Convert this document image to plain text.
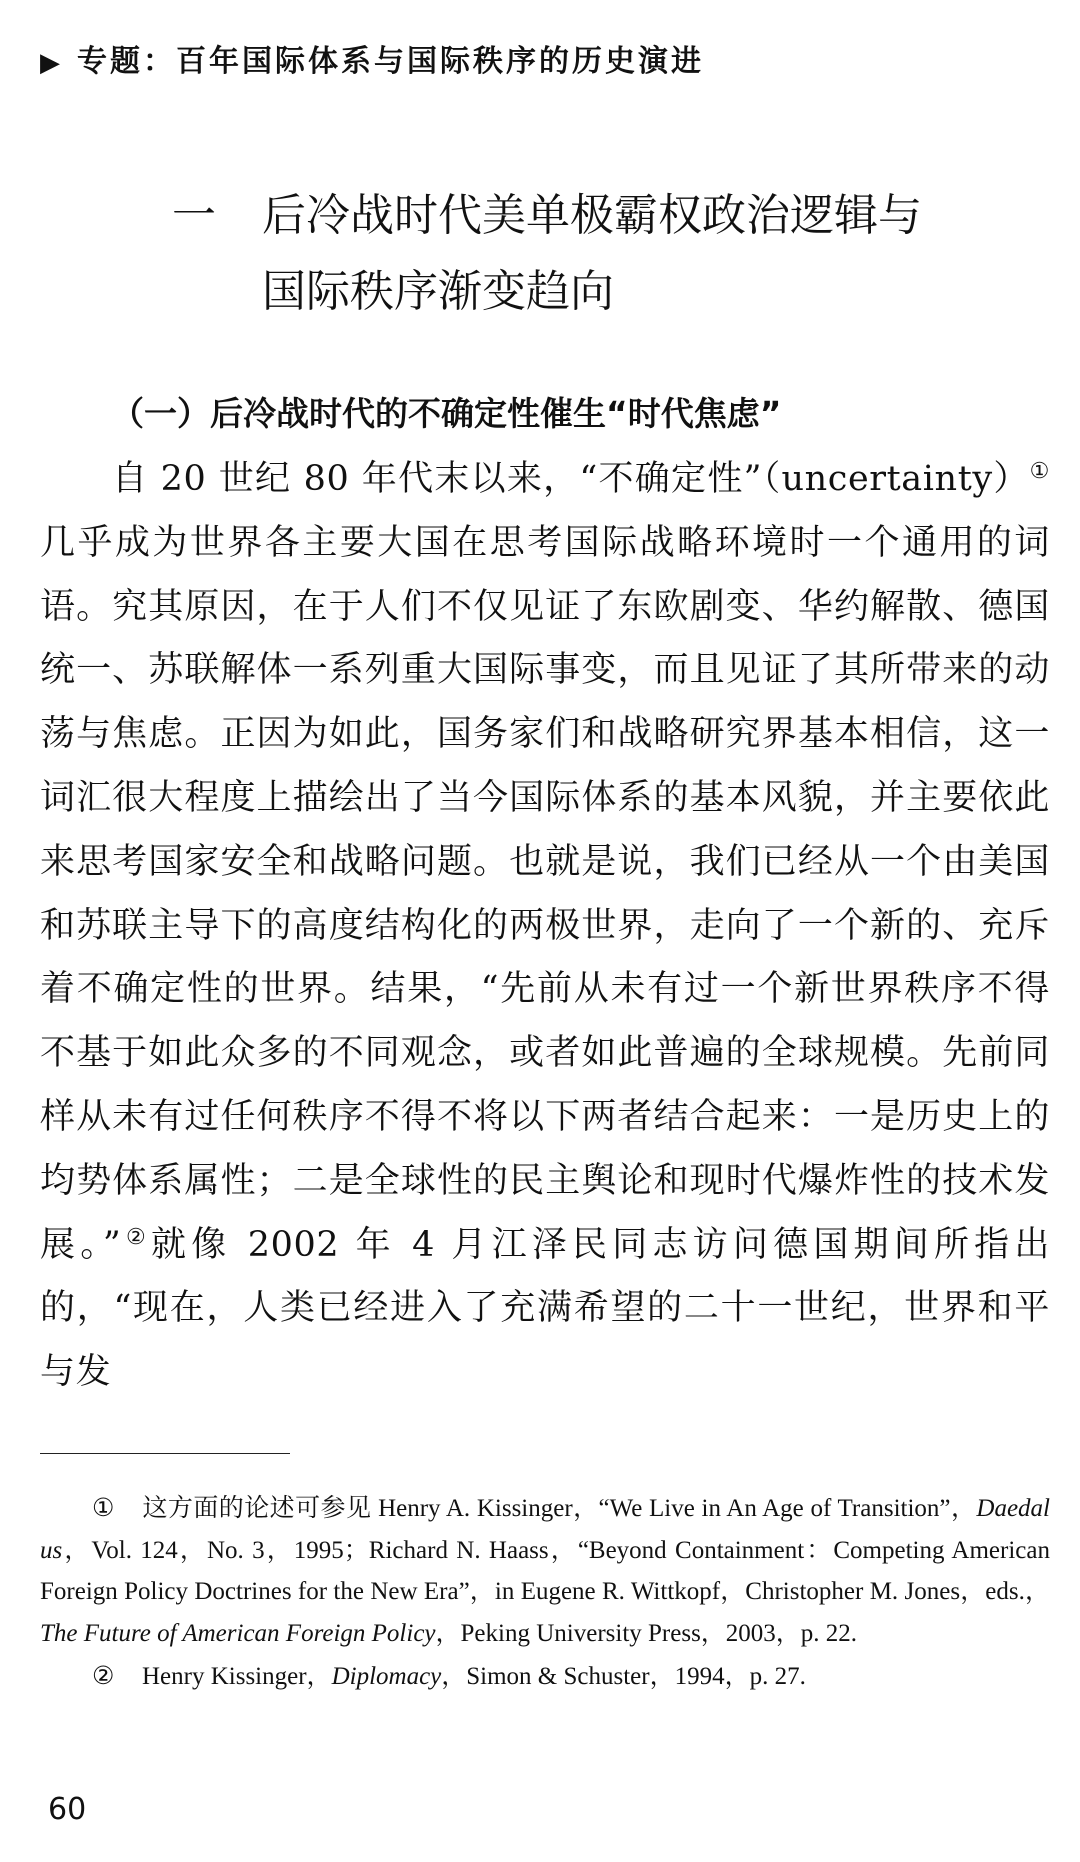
▶ 专题：百年国际体系与国际秩序的历史演进
一 后冷战时代美单极霸权政治逻辑与
国际秩序渐变趋向
（一）后冷战时代的不确定性催生“时代焦虑”

自 20 世纪 80 年代末以来，“不确定性”（uncertainty）①几乎成为世界各主要大国在思考国际战略环境时一个通用的词语。究其原因，在于人们不仅见证了东欧剧变、华约解散、德国统一、苏联解体一系列重大国际事变，而且见证了其所带来的动荡与焦虑。正因为如此，国务家们和战略研究界基本相信，这一词汇很大程度上描绘出了当今国际体系的基本风貌，并主要依此来思考国家安全和战略问题。也就是说，我们已经从一个由美国和苏联主导下的高度结构化的两极世界，走向了一个新的、充斥着不确定性的世界。结果，“先前从未有过一个新世界秩序不得不基于如此众多的不同观念，或者如此普遍的全球规模。先前同样从未有过任何秩序不得不将以下两者结合起来：一是历史上的均势体系属性；二是全球性的民主舆论和现时代爆炸性的技术发展。”②就像 2002 年 4 月江泽民同志访问德国期间所指出的，“现在，人类已经进入了充满希望的二十一世纪，世界和平与发

① 这方面的论述可参见 Henry A. Kissinger，“We Live in An Age of Transition”，Daedal us，Vol. 124，No. 3，1995；Richard N. Haass，“Beyond Containment：Competing American Foreign Policy Doctrines for the New Era”，in Eugene R. Wittkopf，Christopher M. Jones，eds.，The Future of American Foreign Policy，Peking University Press，2003，p. 22.

② Henry Kissinger，Diplomacy，Simon & Schuster，1994，p. 27.

60
